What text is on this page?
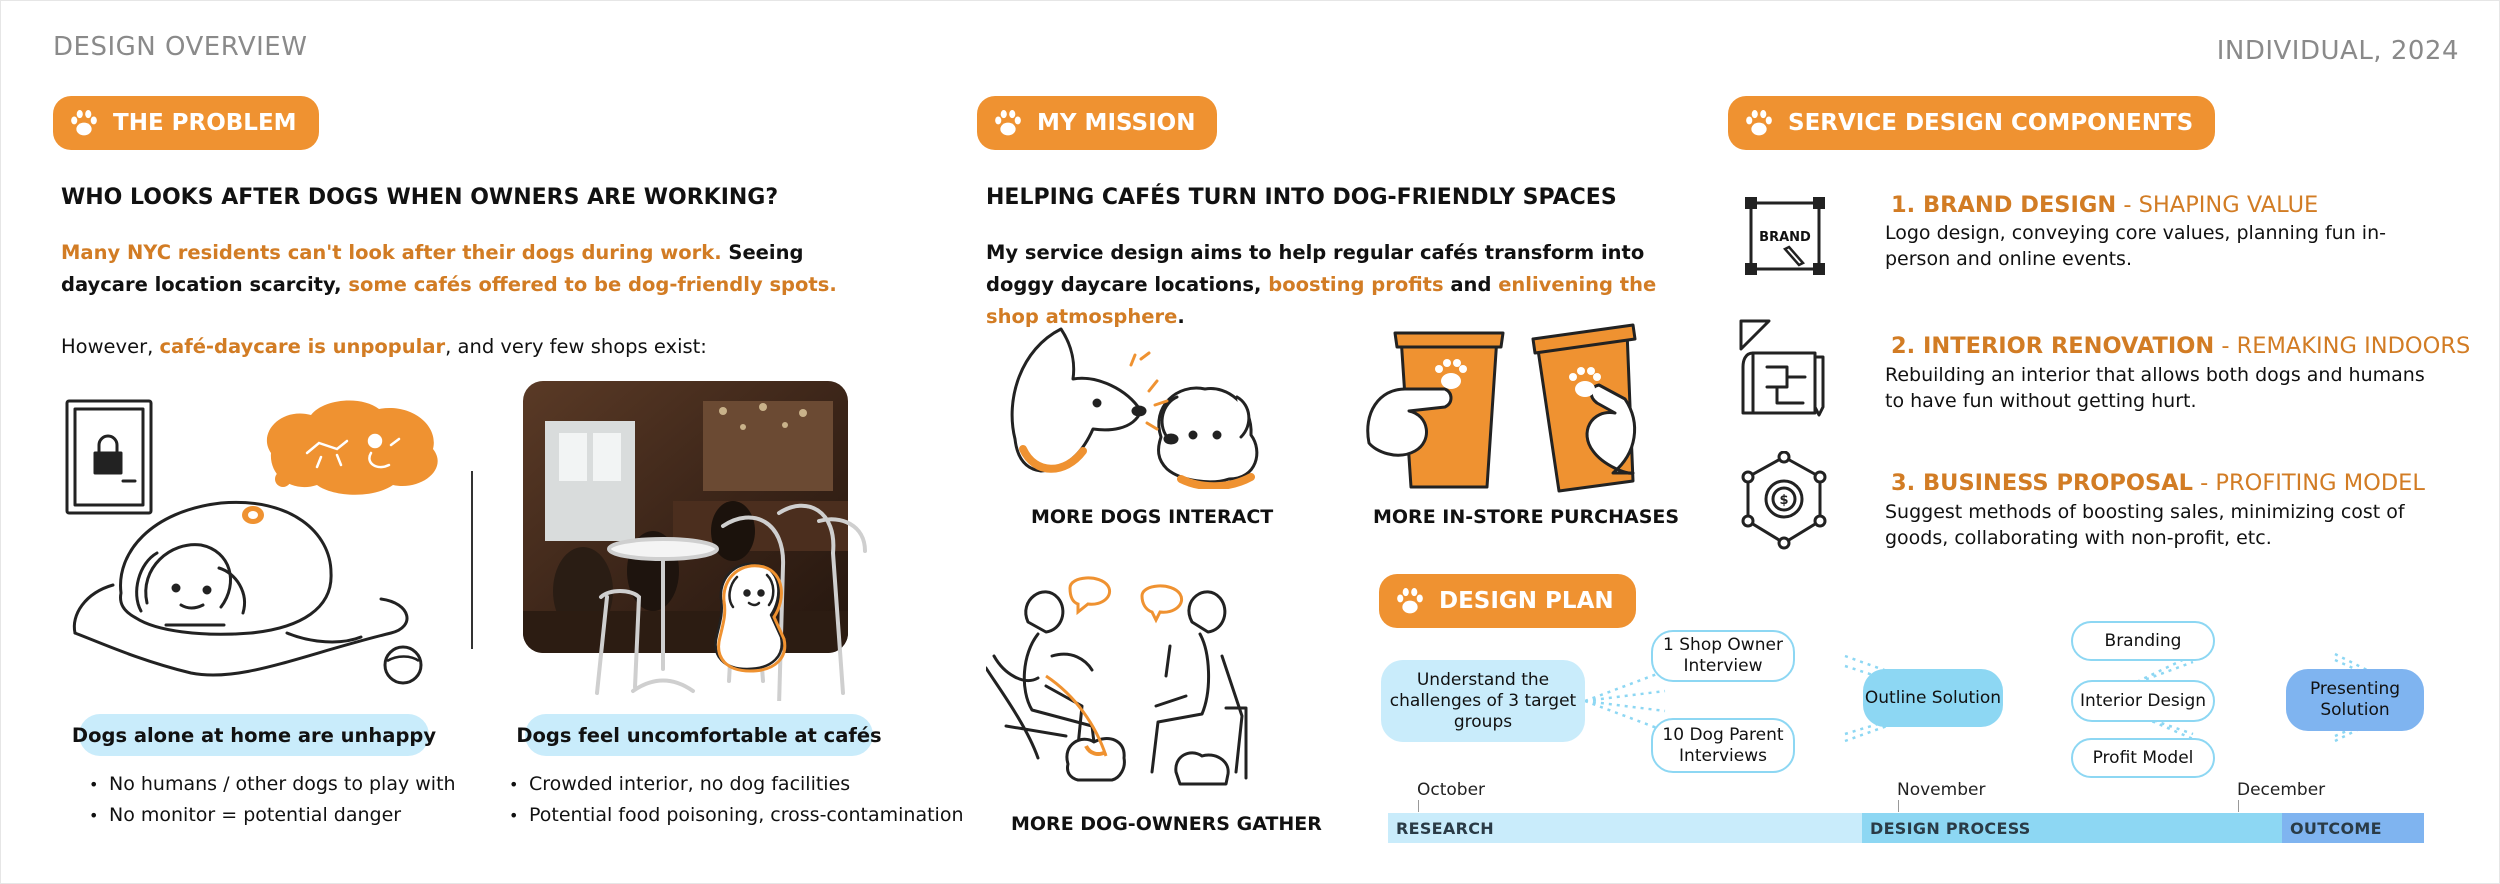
DESIGN OVERVIEW	INDIVIDUAL, 2024
THE PROBLEM
WHO LOOKS AFTER DOGS WHEN OWNERS ARE WORKING?
Many NYC residents can't look after their dogs during work. Seeing daycare location scarcity, some cafés offered to be dog-friendly spots.
However, café-daycare is unpopular, and very few shops exist:
Dogs alone at home are unhappy	Dogs feel uncomfortable at cafés
• No humans / other dogs to play with
• No monitor = potential danger
• Crowded interior, no dog facilities
• Potential food poisoning, cross-contamination
MY MISSION
HELPING CAFÉS TURN INTO DOG-FRIENDLY SPACES
My service design aims to help regular cafés transform into doggy daycare locations, boosting profits and enlivening the shop atmosphere.
MORE DOGS INTERACT	MORE IN-STORE PURCHASES
MORE DOG-OWNERS GATHER
SERVICE DESIGN COMPONENTS
BRAND
$
1. BRAND DESIGN - SHAPING VALUE
Logo design, conveying core values, planning fun in-person and online events.
2. INTERIOR RENOVATION - REMAKING INDOORS
Rebuilding an interior that allows both dogs and humans to have fun without getting hurt.
3. BUSINESS PROPOSAL - PROFITING MODEL
Suggest methods of boosting sales, minimizing cost of goods, collaborating with non-profit, etc.
DESIGN PLAN
Understand the challenges of 3 target groups
1 Shop Owner Interview
10 Dog Parent Interviews
Outline Solution
Branding
Interior Design
Profit Model
Presenting Solution
October	November	December
RESEARCH	DESIGN PROCESS	OUTCOME
